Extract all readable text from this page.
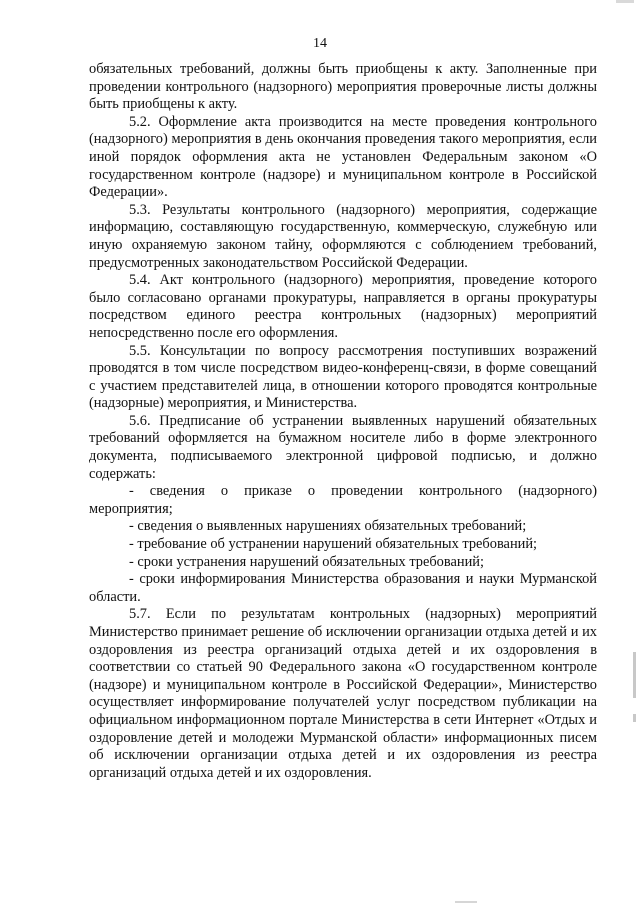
14

обязательных требований, должны быть приобщены к акту. Заполненные при проведении контрольного (надзорного) мероприятия проверочные листы должны быть приобщены к акту.

5.2. Оформление акта производится на месте проведения контрольного (надзорного) мероприятия в день окончания проведения такого мероприятия, если иной порядок оформления акта не установлен Федеральным законом «О государственном контроле (надзоре) и муниципальном контроле в Российской Федерации».

5.3. Результаты контрольного (надзорного) мероприятия, содержащие информацию, составляющую государственную, коммерческую, служебную или иную охраняемую законом тайну, оформляются с соблюдением требований, предусмотренных законодательством Российской Федерации.

5.4. Акт контрольного (надзорного) мероприятия, проведение которого было согласовано органами прокуратуры, направляется в органы прокуратуры посредством единого реестра контрольных (надзорных) мероприятий непосредственно после его оформления.

5.5. Консультации по вопросу рассмотрения поступивших возражений проводятся в том числе посредством видео-конференц-связи, в форме совещаний с участием представителей лица, в отношении которого проводятся контрольные (надзорные) мероприятия, и Министерства.

5.6. Предписание об устранении выявленных нарушений обязательных требований оформляется на бумажном носителе либо в форме электронного документа, подписываемого электронной цифровой подписью, и должно содержать:

- сведения о приказе о проведении контрольного (надзорного) мероприятия;

- сведения о выявленных нарушениях обязательных требований;

- требование об устранении нарушений обязательных требований;

- сроки устранения нарушений обязательных требований;

- сроки информирования Министерства образования и науки Мурманской области.

5.7. Если по результатам контрольных (надзорных) мероприятий Министерство принимает решение об исключении организации отдыха детей и их оздоровления из реестра организаций отдыха детей и их оздоровления в соответствии со статьей 90 Федерального закона «О государственном контроле (надзоре) и муниципальном контроле в Российской Федерации», Министерство осуществляет информирование получателей услуг посредством публикации на официальном информационном портале Министерства в сети Интернет «Отдых и оздоровление детей и молодежи Мурманской области» информационных писем об исключении организации отдыха детей и их оздоровления из реестра организаций отдыха детей и их оздоровления.
